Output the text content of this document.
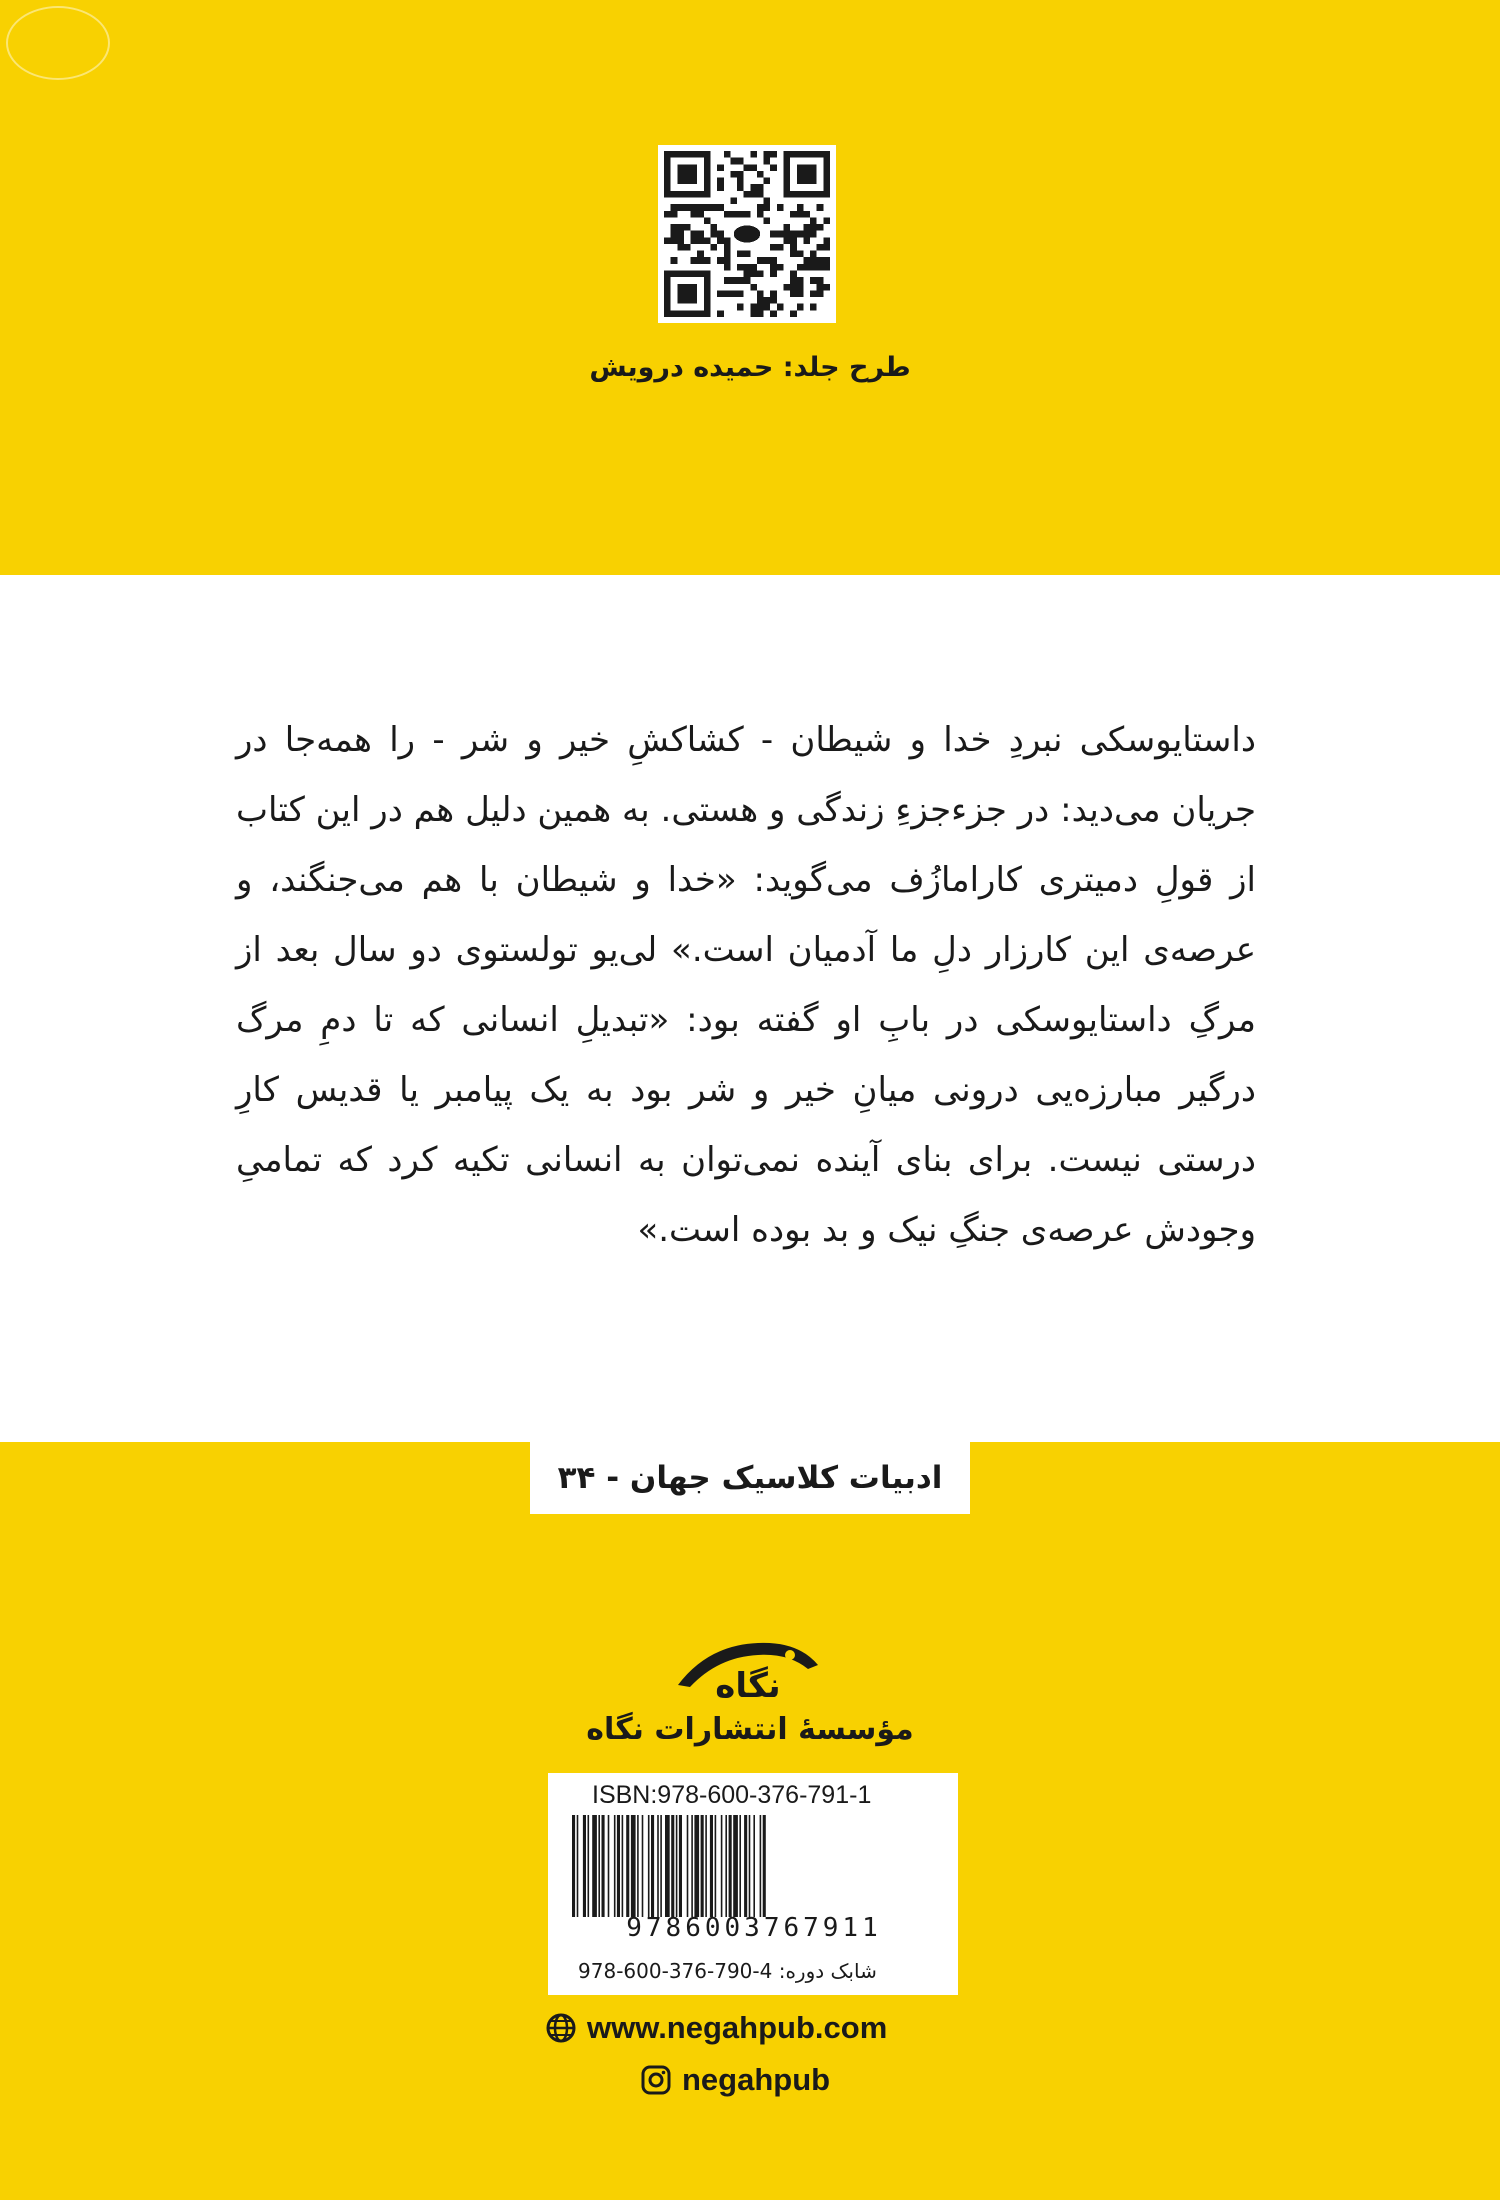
طرح جلد: حمیده درویش

داستایوسکی نبردِ خدا و شیطان - کشاکشِ خیر و شر - را همه‌جا در جریان می‌دید: در جزءجزءِ زندگی و هستی. به همین دلیل هم در این کتاب از قولِ دمیتری کارامازُف می‌گوید: «خدا و شیطان با هم می‌جنگند، و عرصه‌ی این کارزار دلِ ما آدمیان است.» لی‌یو تولستوی دو سال بعد از مرگِ داستایوسکی در بابِ او گفته بود: «تبدیلِ انسانی که تا دمِ مرگ درگیر مبارزه‌یی درونی میانِ خیر و شر بود به یک پیامبر یا قدیس کارِ درستی نیست. برای بنای آینده نمی‌توان به انسانی تکیه کرد که تمامیِ وجودش عرصه‌ی جنگِ نیک و بد بوده است.»

ادبیات کلاسیک جهان - ۳۴
نگاه
مؤسسهٔ انتشارات نگاه
ISBN:978-600-376-791-1
9786003767911
شابک دوره: 4-790-376-600-978
www.negahpub.com
negahpub
